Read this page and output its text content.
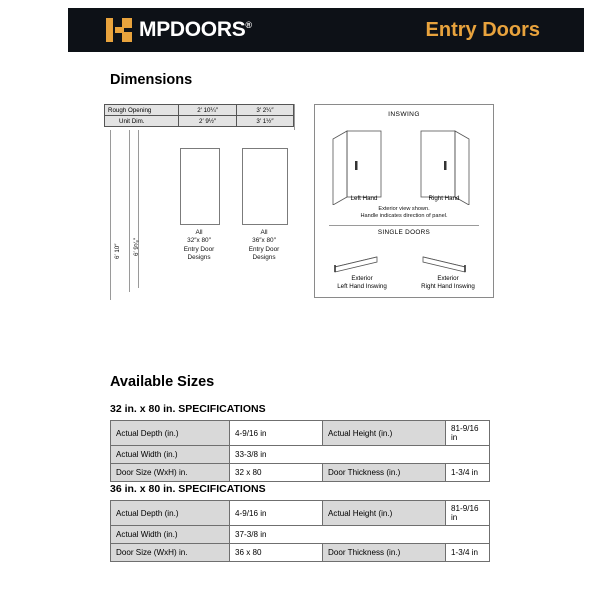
MPDOORS®	Entry Doors
Dimensions
Rough Opening	2′ 10¼″	3′ 2¼″
Unit Dim.	2′ 9½″	3′ 1½″
6′ 10″ 6′ 9⁵⁄₈″
All
32″x 80″
Entry Door
Designs
All
36″x 80″
Entry Door
Designs
INSWING
Left Hand	Right Hand
Exterior view shown.
Handle indicates direction of panel.
SINGLE DOORS
Exterior
Left Hand Inswing
Exterior
Right Hand Inswing
Available Sizes
32 in. x 80 in. SPECIFICATIONS
Actual Depth (in.)	4-9/16 in	Actual Height (in.)	81-9/16 in
Actual Width (in.)	33-3/8 in		
Door Size (WxH) in.	32 x 80	Door Thickness (in.)	1-3/4 in
36 in. x 80 in. SPECIFICATIONS
Actual Depth (in.)	4-9/16 in	Actual Height (in.)	81-9/16 in
Actual Width (in.)	37-3/8 in		
Door Size (WxH) in.	36 x 80	Door Thickness (in.)	1-3/4 in
